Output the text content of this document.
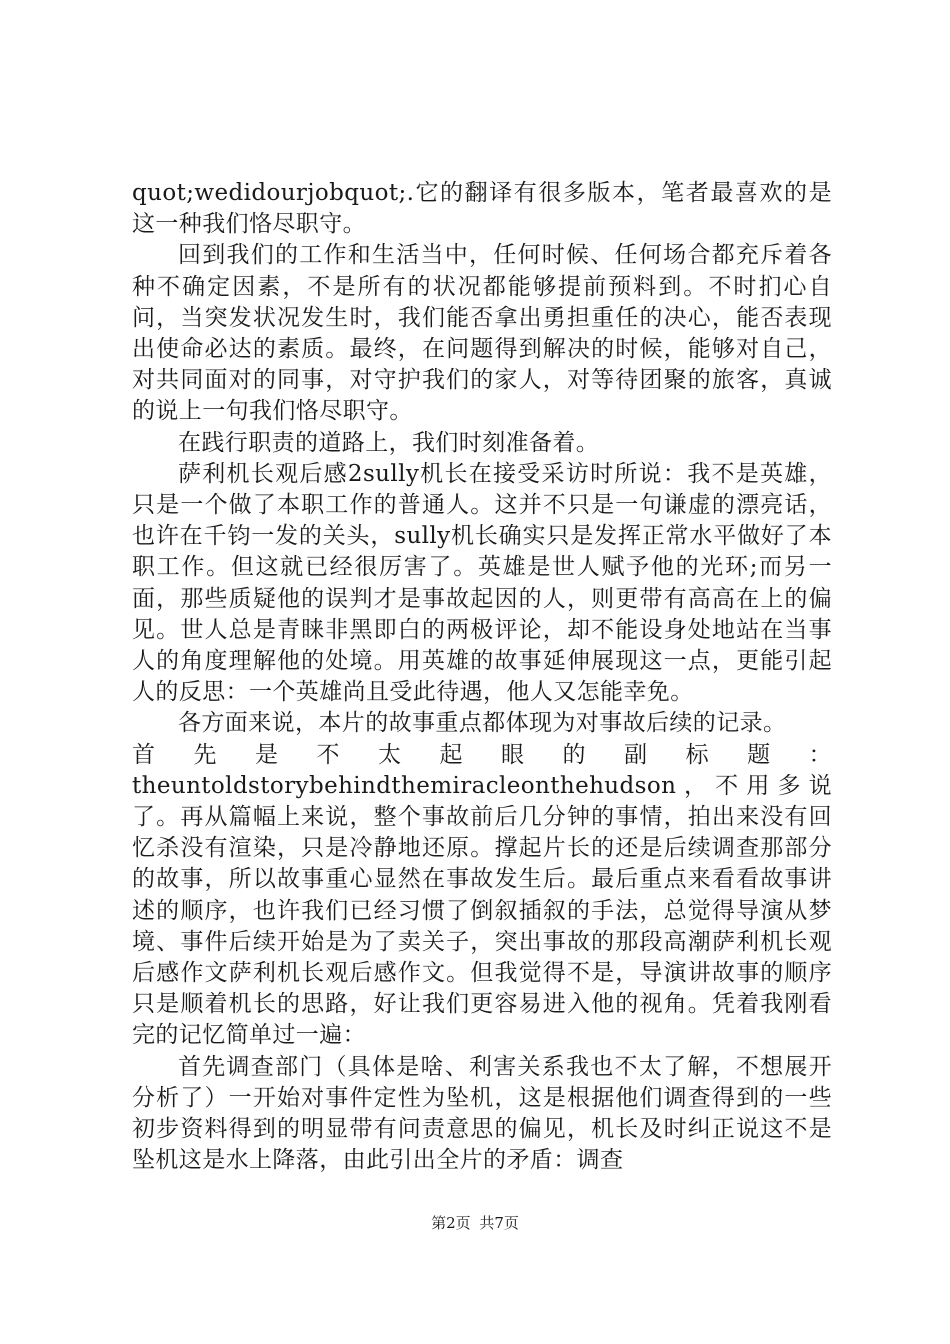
quot;wedidourjobquot;.它的翻译有很多版本，笔者最喜欢的是这一种我们恪尽职守。

回到我们的工作和生活当中，任何时候、任何场合都充斥着各种不确定因素，不是所有的状况都能够提前预料到。不时扪心自问，当突发状况发生时，我们能否拿出勇担重任的决心，能否表现出使命必达的素质。最终，在问题得到解决的时候，能够对自己，对共同面对的同事，对守护我们的家人，对等待团聚的旅客，真诚的说上一句我们恪尽职守。

在践行职责的道路上，我们时刻准备着。

萨利机长观后感2sully机长在接受采访时所说：我不是英雄，只是一个做了本职工作的普通人。这并不只是一句谦虚的漂亮话，也许在千钧一发的关头，sully机长确实只是发挥正常水平做好了本职工作。但这就已经很厉害了。英雄是世人赋予他的光环;而另一面，那些质疑他的误判才是事故起因的人，则更带有高高在上的偏见。世人总是青睐非黑即白的两极评论，却不能设身处地站在当事人的角度理解他的处境。用英雄的故事延伸展现这一点，更能引起人的反思：一个英雄尚且受此待遇，他人又怎能幸免。

各方面来说，本片的故事重点都体现为对事故后续的记录。

首先是不太起眼的副标题：

theuntoldstorybehindthemiracleonthehudson，不用多说了。再从篇幅上来说，整个事故前后几分钟的事情，拍出来没有回忆杀没有渲染，只是冷静地还原。撑起片长的还是后续调查那部分的故事，所以故事重心显然在事故发生后。最后重点来看看故事讲述的顺序，也许我们已经习惯了倒叙插叙的手法，总觉得导演从梦境、事件后续开始是为了卖关子，突出事故的那段高潮萨利机长观后感作文萨利机长观后感作文。但我觉得不是，导演讲故事的顺序只是顺着机长的思路，好让我们更容易进入他的视角。凭着我刚看完的记忆简单过一遍：

首先调查部门（具体是啥、利害关系我也不太了解，不想展开分析了）一开始对事件定性为坠机，这是根据他们调查得到的一些初步资料得到的明显带有问责意思的偏见，机长及时纠正说这不是坠机这是水上降落，由此引出全片的矛盾：调查

第2页 共7页
